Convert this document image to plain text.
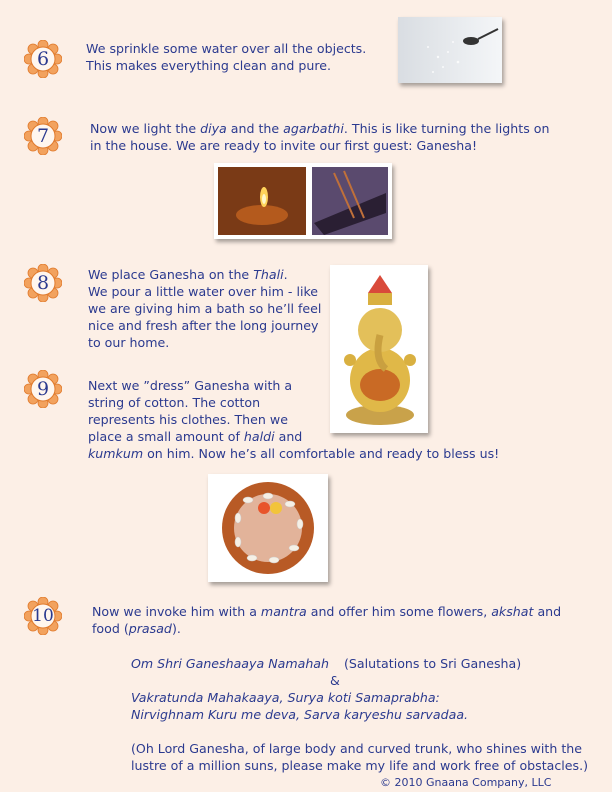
6	We sprinkle some water over all the objects.
This makes everything clean and pure.
7	Now we light the diya and the agarbathi. This is like turning the lights on
in the house. We are ready to invite our first guest: Ganesha!
8	We place Ganesha on the Thali.
We pour a little water over him - like
we are giving him a bath so he’ll feel
nice and fresh after the long journey
to our home.
9	Next we ”dress” Ganesha with a
string of cotton. The cotton
represents his clothes. Then we
place a small amount of haldi and
kumkum on him. Now he’s all comfortable and ready to bless us!
10	Now we invoke him with a mantra and offer him some flowers, akshat and
food (prasad).
Om Shri Ganeshaaya Namahah (Salutations to Sri Ganesha)
&
Vakratunda Mahakaaya, Surya koti Samaprabha:
Nirvighnam Kuru me deva, Sarva karyeshu sarvadaa.
(Oh Lord Ganesha, of large body and curved trunk, who shines with the
lustre of a million suns, please make my life and work free of obstacles.)
© 2010 Gnaana Company, LLC
